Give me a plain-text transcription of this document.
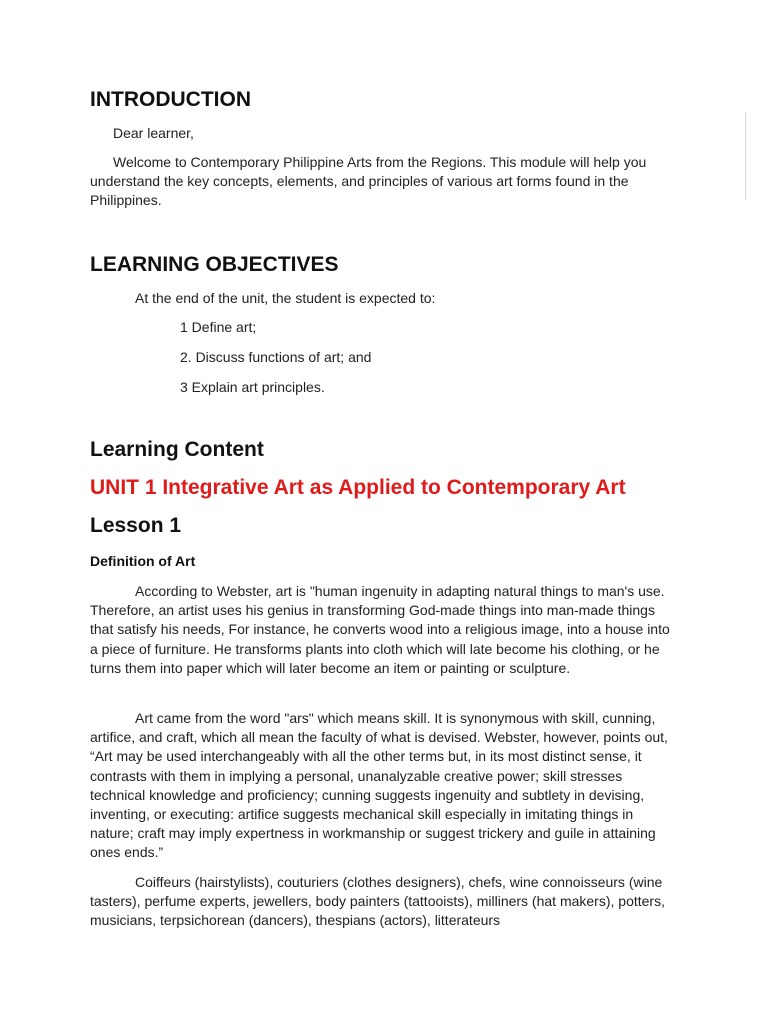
INTRODUCTION
Dear learner,

Welcome to Contemporary Philippine Arts from the Regions. This module will help you understand the key concepts, elements, and principles of various art forms found in the Philippines.

LEARNING OBJECTIVES
At the end of the unit, the student is expected to:
1 Define art;
2. Discuss functions of art; and
3 Explain art principles.
Learning Content
UNIT 1 Integrative Art as Applied to Contemporary Art
Lesson 1
Definition of Art

According to Webster, art is "human ingenuity in adapting natural things to man's use. Therefore, an artist uses his genius in transforming God-made things into man-made things that satisfy his needs, For instance, he converts wood into a religious image, into a house into a piece of furniture. He transforms plants into cloth which will late become his clothing, or he turns them into paper which will later become an item or painting or sculpture.

Art came from the word "ars" which means skill. It is synonymous with skill, cunning, artifice, and craft, which all mean the faculty of what is devised. Webster, however, points out, “Art may be used interchangeably with all the other terms but, in its most distinct sense, it contrasts with them in implying a personal, unanalyzable creative power; skill stresses technical knowledge and proficiency; cunning suggests ingenuity and subtlety in devising, inventing, or executing: artifice suggests mechanical skill especially in imitating things in nature; craft may imply expertness in workmanship or suggest trickery and guile in attaining ones ends.”

Coiffeurs (hairstylists), couturiers (clothes designers), chefs, wine connoisseurs (wine tasters), perfume experts, jewellers, body painters (tattooists), milliners (hat makers), potters, musicians, terpsichorean (dancers), thespians (actors), litterateurs
